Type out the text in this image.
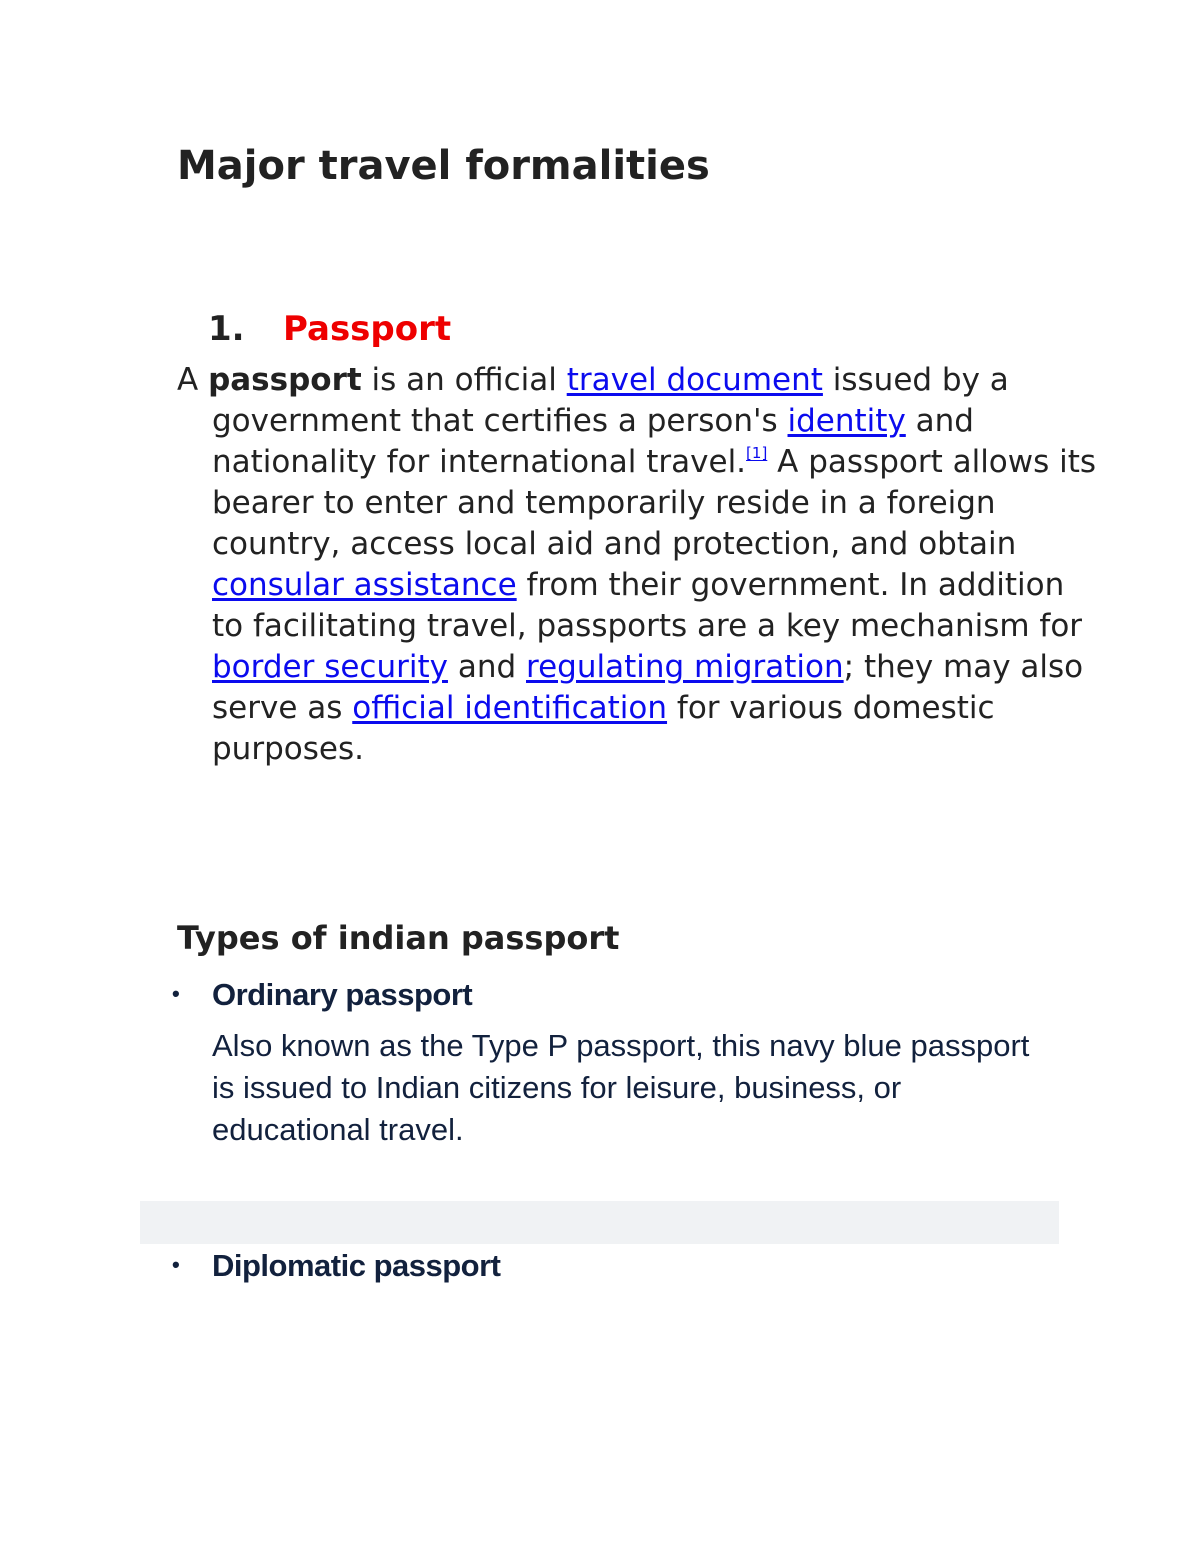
Major travel formalities
1. Passport

A passport is an official travel document issued by a government that certifies a person's identity and nationality for international travel.[1] A passport allows its bearer to enter and temporarily reside in a foreign country, access local aid and protection, and obtain consular assistance from their government. In addition to facilitating travel, passports are a key mechanism for border security and regulating migration; they may also serve as official identification for various domestic purposes.

Types of indian passport
• Ordinary passport

Also known as the Type P passport, this navy blue passport is issued to Indian citizens for leisure, business, or educational travel.

• Diplomatic passport
